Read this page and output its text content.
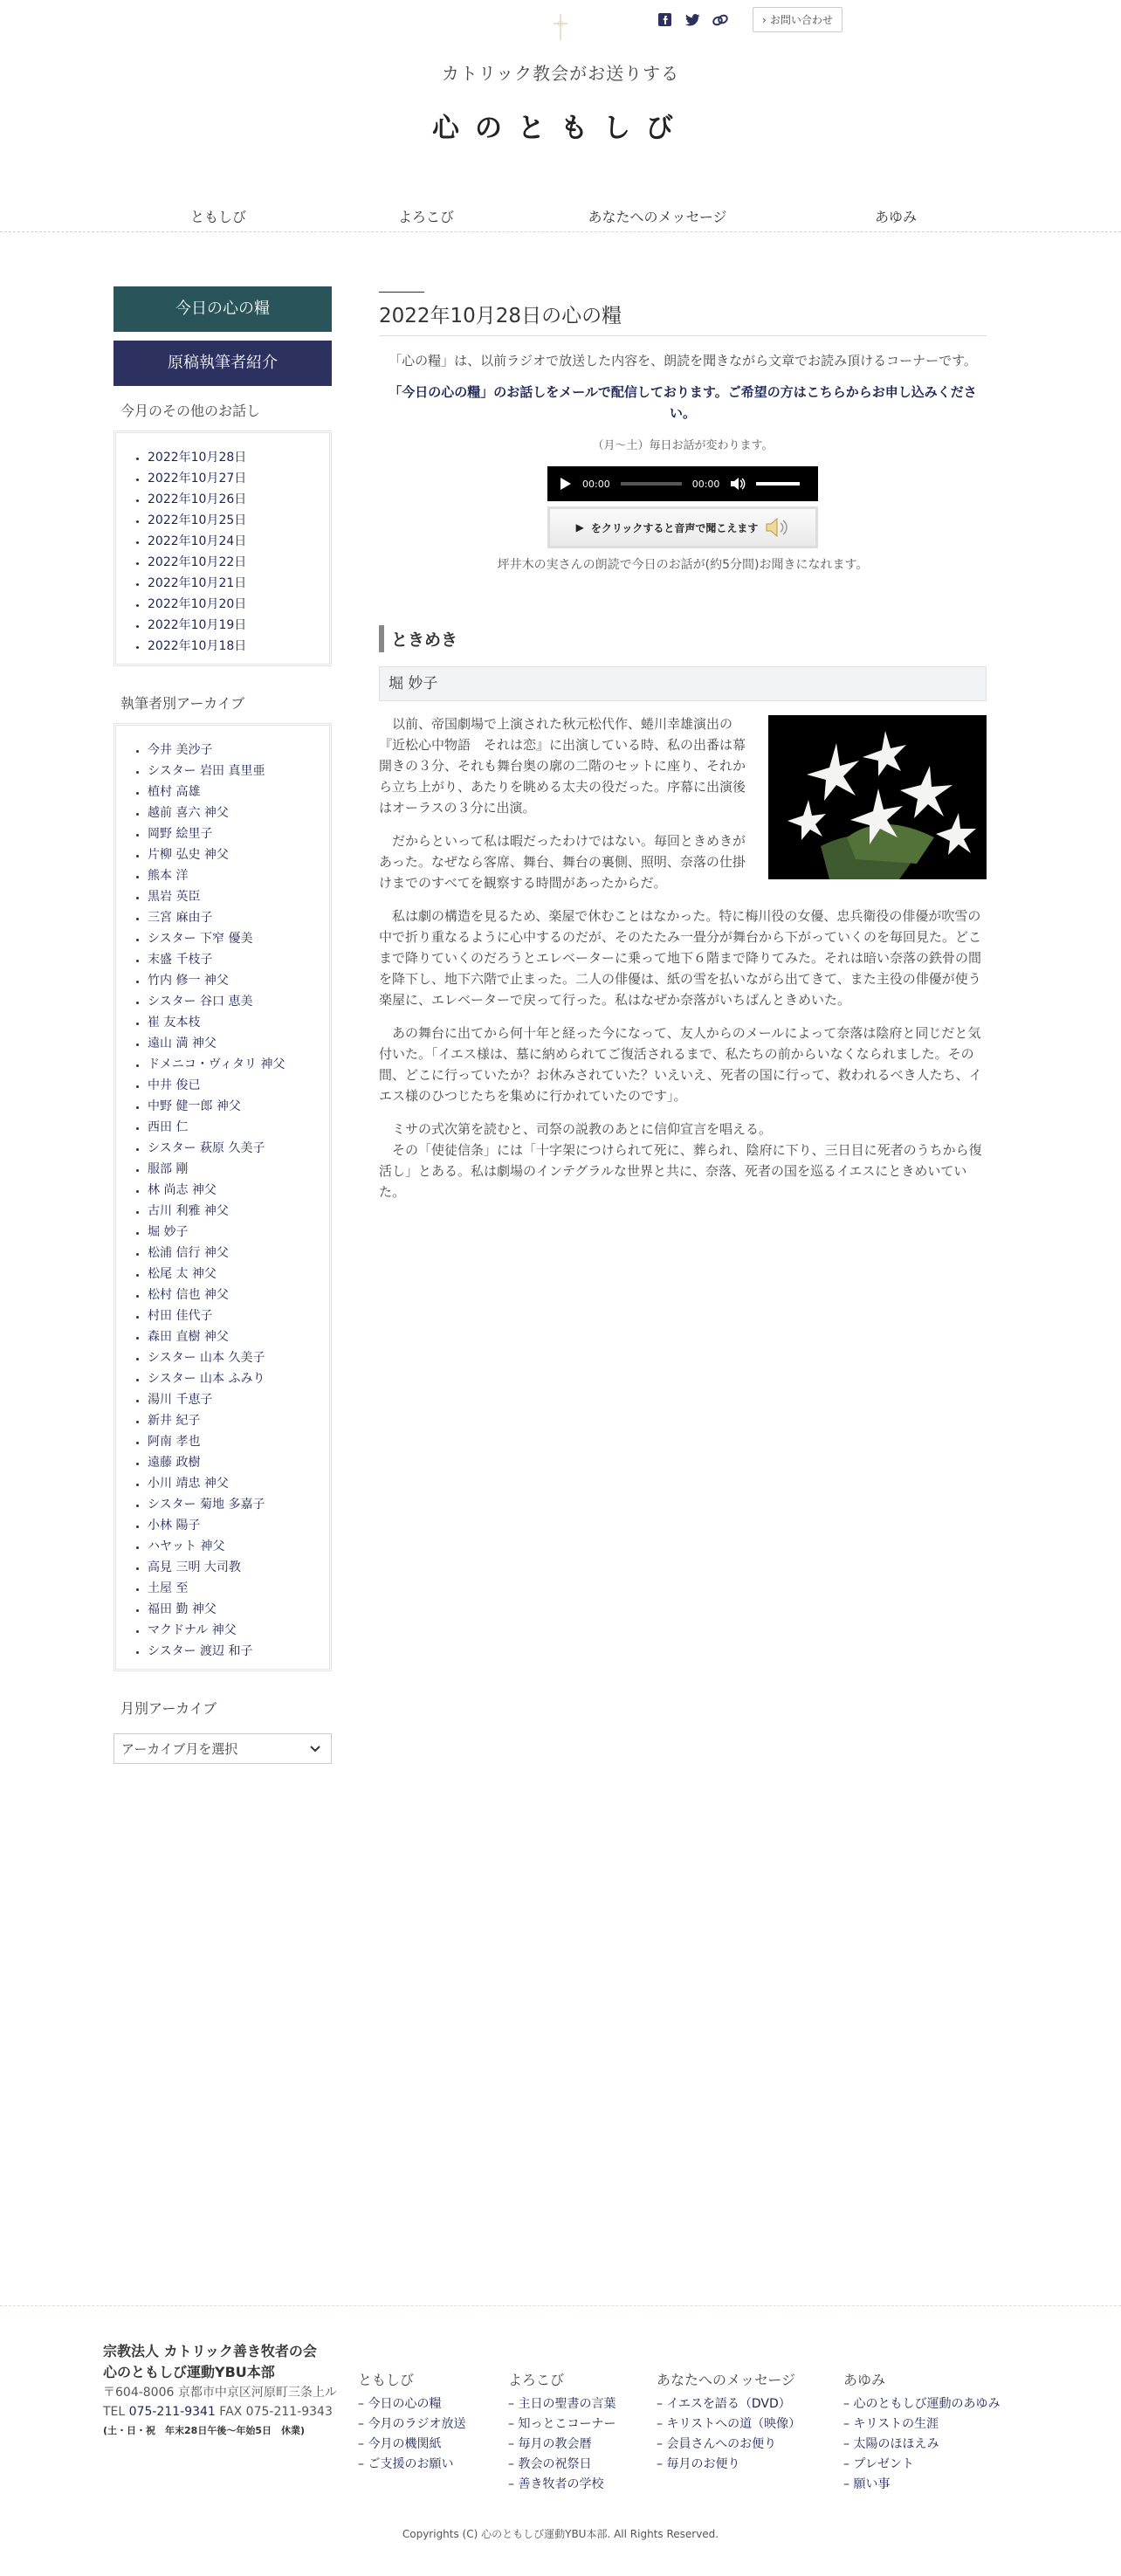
› お問い合わせ
カトリック教会がお送りする
心のともしび
ともしび	よろこび	あなたへのメッセージ	あゆみ
今日の心の糧
原稿執筆者紹介
今月のその他のお話し
• 2022年10月28日
• 2022年10月27日
• 2022年10月26日
• 2022年10月25日
• 2022年10月24日
• 2022年10月22日
• 2022年10月21日
• 2022年10月20日
• 2022年10月19日
• 2022年10月18日
執筆者別アーカイブ
• 今井 美沙子
• シスター 岩田 真里亜
• 植村 高雄
• 越前 喜六 神父
• 岡野 絵里子
• 片柳 弘史 神父
• 熊本 洋
• 黒岩 英臣
• 三宮 麻由子
• シスター 下窄 優美
• 末盛 千枝子
• 竹内 修一 神父
• シスター 谷口 恵美
• 崔 友本枝
• 遠山 満 神父
• ドメニコ・ヴィタリ 神父
• 中井 俊已
• 中野 健一郎 神父
• 西田 仁
• シスター 萩原 久美子
• 服部 剛
• 林 尚志 神父
• 古川 利雅 神父
• 堀 妙子
• 松浦 信行 神父
• 松尾 太 神父
• 松村 信也 神父
• 村田 佳代子
• 森田 直樹 神父
• シスター 山本 久美子
• シスター 山本 ふみり
• 湯川 千恵子
• 新井 紀子
• 阿南 孝也
• 遠藤 政樹
• 小川 靖忠 神父
• シスター 菊地 多嘉子
• 小林 陽子
• ハヤット 神父
• 高見 三明 大司教
• 土屋 至
• 福田 勤 神父
• マクドナル 神父
• シスター 渡辺 和子
月別アーカイブ
アーカイブ月を選択
2022年10月28日の心の糧

「心の糧」は、以前ラジオで放送した内容を、朗読を聞きながら文章でお読み頂けるコーナーです。

「今日の心の糧」のお話しをメールで配信しております。ご希望の方はこちらからお申し込みください。

（月～土）毎日お話が変わります。

00:00	00:00
▶ をクリックすると音声で聞こえます

坪井木の実さんの朗読で今日のお話が(約5分間)お聞きになれます。

ときめき
堀 妙子

　以前、帝国劇場で上演された秋元松代作、蜷川幸雄演出の『近松心中物語　それは恋』に出演している時、私の出番は幕開きの３分、それも舞台奥の廓の二階のセットに座り、それから立ち上がり、あたりを眺める太夫の役だった。序幕に出演後はオーラスの３分に出演。

　だからといって私は暇だったわけではない。毎回ときめきがあった。なぜなら客席、舞台、舞台の裏側、照明、奈落の仕掛けまでのすべてを観察する時間があったからだ。

　私は劇の構造を見るため、楽屋で休むことはなかった。特に梅川役の女優、忠兵衛役の俳優が吹雪の中で折り重なるように心中するのだが、そのたたみ一畳分が舞台から下がっていくのを毎回見た。どこまで降りていくのだろうとエレベーターに乗って地下６階まで降りてみた。それは暗い奈落の鉄骨の間を降下し、地下六階で止まった。二人の俳優は、紙の雪を払いながら出てきて、また主役の俳優が使う楽屋に、エレベーターで戻って行った。私はなぜか奈落がいちばんときめいた。

　あの舞台に出てから何十年と経った今になって、友人からのメールによって奈落は陰府と同じだと気付いた。「イエス様は、墓に納められてご復活されるまで、私たちの前からいなくなられました。その間、どこに行っていたか？お休みされていた？いえいえ、死者の国に行って、救われるべき人たち、イエス様のひつじたちを集めに行かれていたのです」。

　ミサの式次第を読むと、司祭の説教のあとに信仰宣言を唱える。

　その「使徒信条」には「十字架につけられて死に、葬られ、陰府に下り、三日目に死者のうちから復活し」とある。私は劇場のインテグラルな世界と共に、奈落、死者の国を巡るイエスにときめいていた。

宗教法人 カトリック善き牧者の会
心のともしび運動YBU本部
〒604-8006 京都市中京区河原町三条上ル
TEL 075-211-9341 FAX 075-211-9343
(土・日・祝　年末28日午後〜年始5日　休業)
ともしび
– 今日の心の糧
– 今月のラジオ放送
– 今月の機関紙
– ご支援のお願い
よろこび
– 主日の聖書の言葉
– 知っとこコーナー
– 毎月の教会暦
– 教会の祝祭日
– 善き牧者の学校
あなたへのメッセージ
– イエスを語る（DVD）
– キリストへの道（映像）
– 会員さんへのお便り
– 毎月のお便り
あゆみ
– 心のともしび運動のあゆみ
– キリストの生涯
– 太陽のほほえみ
– プレゼント
– 願い事
Copyrights (C) 心のともしび運動YBU本部. All Rights Reserved.
